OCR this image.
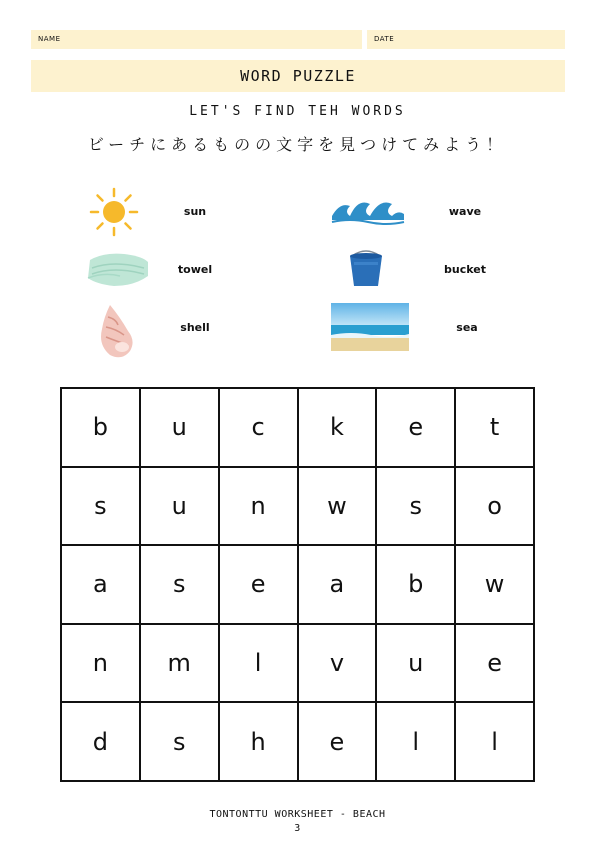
NAME	DATE
WORD PUZZLE
LET'S FIND TEH WORDS
ビーチにあるものの文字を見つけてみよう！
sun	wave
towel	bucket
shell	sea
b	u	c	k	e	t
s	u	n	w	s	o
a	s	e	a	b	w
n	m	l	v	u	e
d	s	h	e	l	l
TONTONTTU WORKSHEET - BEACH
3
